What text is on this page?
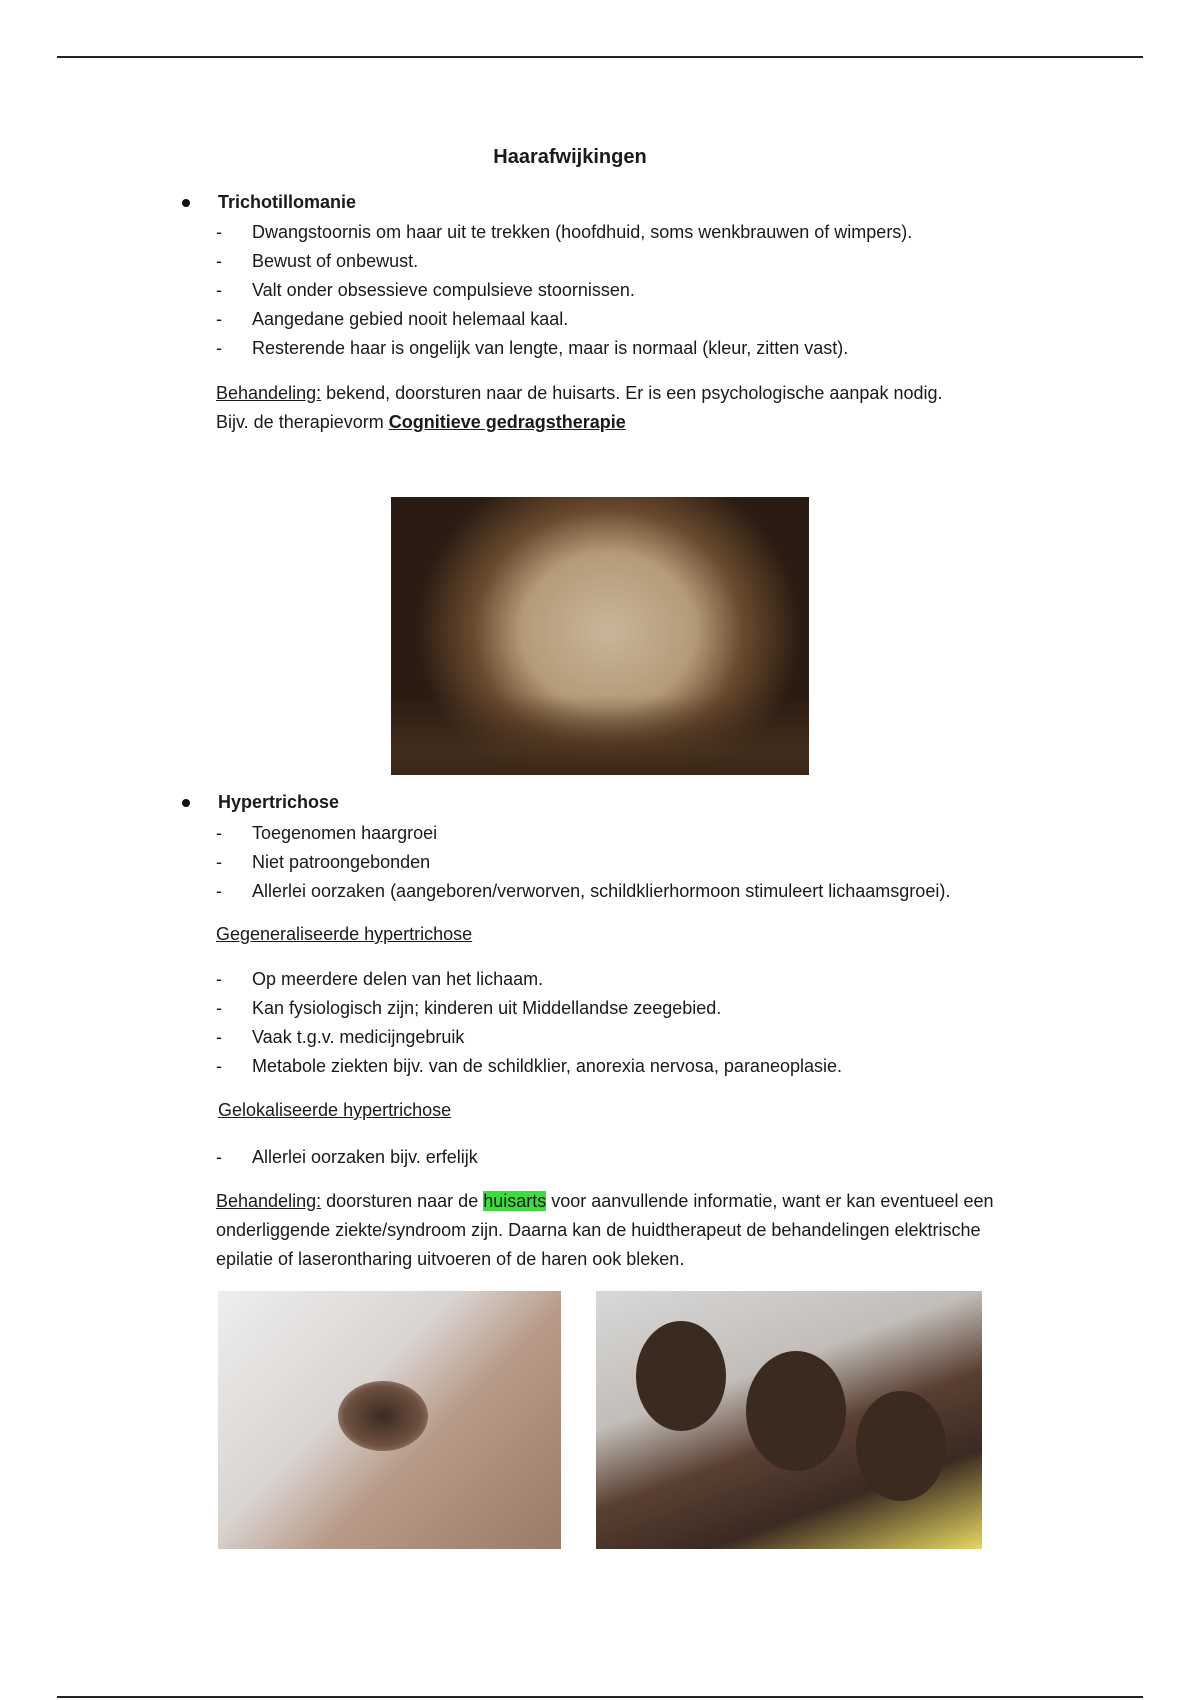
Haarafwijkingen
Trichotillomanie
- Dwangstoornis om haar uit te trekken (hoofdhuid, soms wenkbrauwen of wimpers).
- Bewust of onbewust.
- Valt onder obsessieve compulsieve stoornissen.
- Aangedane gebied nooit helemaal kaal.
- Resterende haar is ongelijk van lengte, maar is normaal (kleur, zitten vast).

Behandeling: bekend, doorsturen naar de huisarts. Er is een psychologische aanpak nodig.
Bijv. de therapievorm Cognitieve gedragstherapie

Hypertrichose
- Toegenomen haargroei
- Niet patroongebonden
- Allerlei oorzaken (aangeboren/verworven, schildklierhormoon stimuleert lichaamsgroei).
Gegeneraliseerde hypertrichose
- Op meerdere delen van het lichaam.
- Kan fysiologisch zijn; kinderen uit Middellandse zeegebied.
- Vaak t.g.v. medicijngebruik
- Metabole ziekten bijv. van de schildklier, anorexia nervosa, paraneoplasie.
Gelokaliseerde hypertrichose
- Allerlei oorzaken bijv. erfelijk

Behandeling: doorsturen naar de huisarts voor aanvullende informatie, want er kan eventueel een onderliggende ziekte/syndroom zijn. Daarna kan de huidtherapeut de behandelingen elektrische epilatie of laserontharing uitvoeren of de haren ook bleken.
